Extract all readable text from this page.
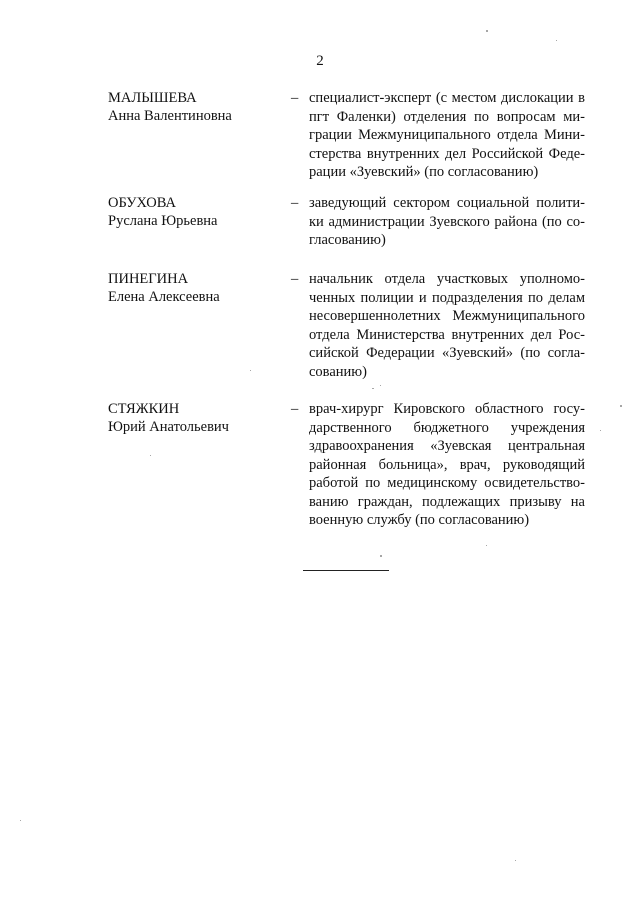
2
МАЛЫШЕВА
Анна Валентиновна
– специалист-эксперт (с местом дислокации в
пгт Фаленки) отделения по вопросам ми-
грации Межмуниципального отдела Мини-
стерства внутренних дел Российской Феде-
рации «Зуевский» (по согласованию)
ОБУХОВА
Руслана Юрьевна
– заведующий сектором социальной полити-
ки администрации Зуевского района (по со-
гласованию)
ПИНЕГИНА
Елена Алексеевна
– начальник отдела участковых уполномо-
ченных полиции и подразделения по делам
несовершеннолетних Межмуниципального
отдела Министерства внутренних дел Рос-
сийской Федерации «Зуевский» (по согла-
сованию)
СТЯЖКИН
Юрий Анатольевич
– врач-хирург Кировского областного госу-
дарственного бюджетного учреждения
здравоохранения «Зуевская центральная
районная больница», врач, руководящий
работой по медицинскому освидетельство-
ванию граждан, подлежащих призыву на
военную службу (по согласованию)
